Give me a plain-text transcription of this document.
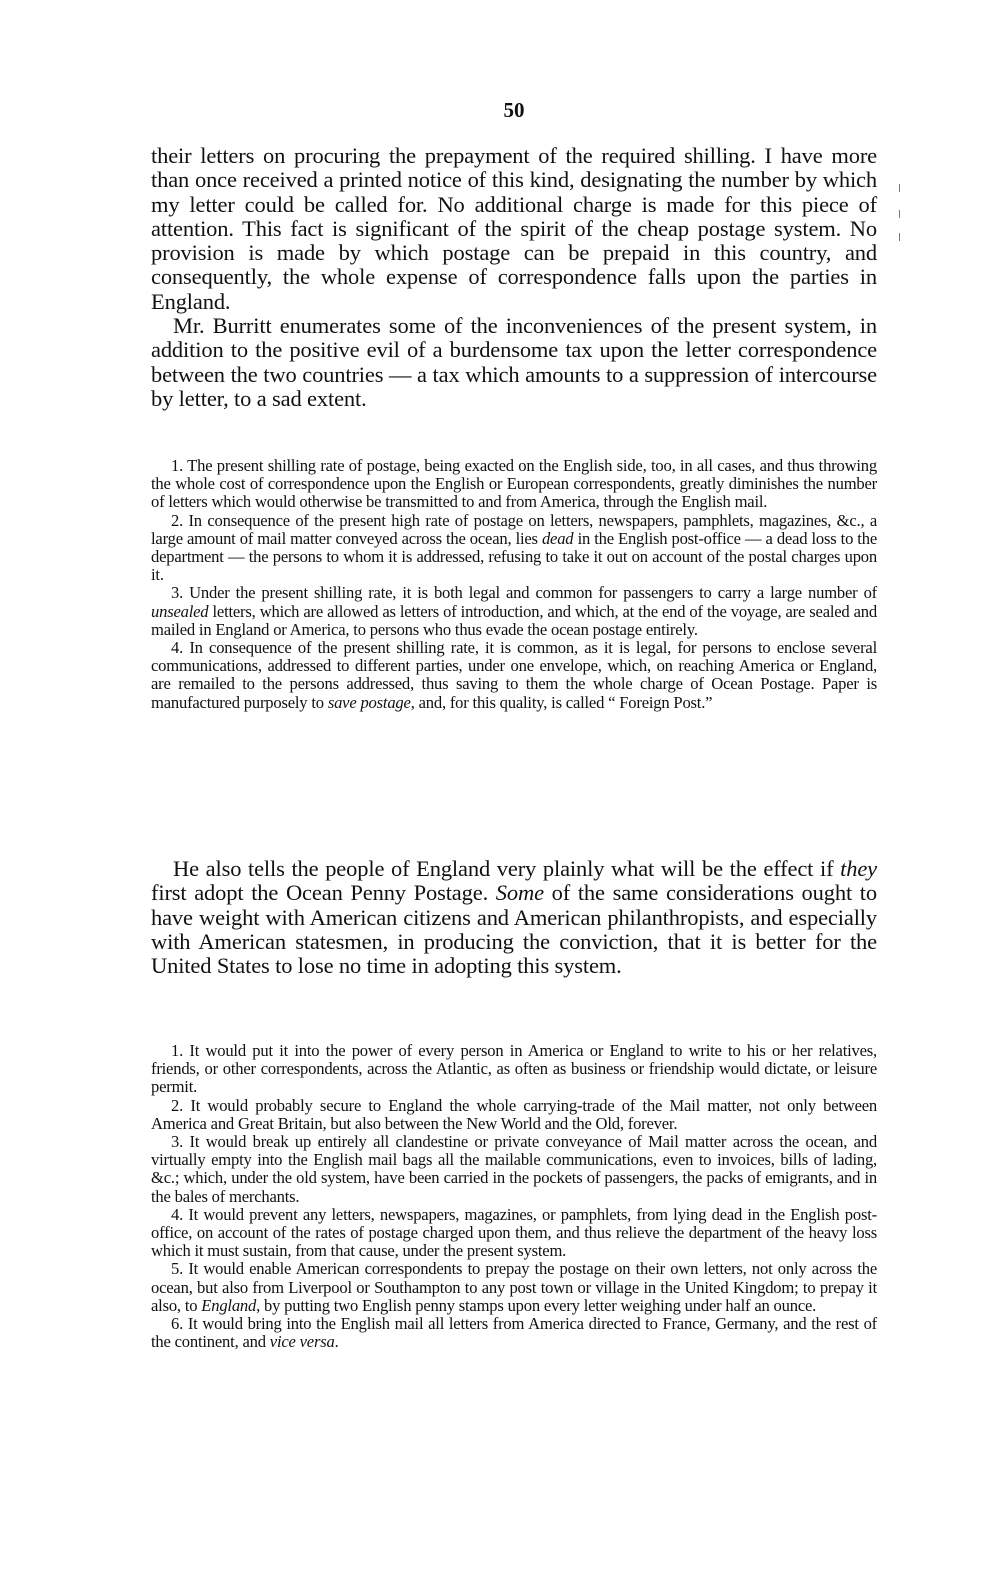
50

their letters on procuring the prepayment of the required shilling. I have more than once received a printed notice of this kind, designating the number by which my letter could be called for. No additional charge is made for this piece of attention. This fact is significant of the spirit of the cheap postage system. No provision is made by which postage can be prepaid in this country, and consequently, the whole expense of correspondence falls upon the parties in England.

Mr. Burritt enumerates some of the inconveniences of the present system, in addition to the positive evil of a burdensome tax upon the letter correspondence between the two countries — a tax which amounts to a suppression of intercourse by letter, to a sad extent.

1. The present shilling rate of postage, being exacted on the English side, too, in all cases, and thus throwing the whole cost of correspondence upon the English or European correspondents, greatly diminishes the number of letters which would otherwise be transmitted to and from America, through the English mail.

2. In consequence of the present high rate of postage on letters, newspapers, pamphlets, magazines, &c., a large amount of mail matter conveyed across the ocean, lies dead in the English post-office — a dead loss to the department — the persons to whom it is addressed, refusing to take it out on account of the postal charges upon it.

3. Under the present shilling rate, it is both legal and common for passengers to carry a large number of unsealed letters, which are allowed as letters of introduction, and which, at the end of the voyage, are sealed and mailed in England or America, to persons who thus evade the ocean postage entirely.

4. In consequence of the present shilling rate, it is common, as it is legal, for persons to enclose several communications, addressed to different parties, under one envelope, which, on reaching America or England, are remailed to the persons addressed, thus saving to them the whole charge of Ocean Postage. Paper is manufactured purposely to save postage, and, for this quality, is called “ Foreign Post.”

He also tells the people of England very plainly what will be the effect if they first adopt the Ocean Penny Postage. Some of the same considerations ought to have weight with American citizens and American philanthropists, and especially with American statesmen, in producing the conviction, that it is better for the United States to lose no time in adopting this system.

1. It would put it into the power of every person in America or England to write to his or her relatives, friends, or other correspondents, across the Atlantic, as often as business or friendship would dictate, or leisure permit.

2. It would probably secure to England the whole carrying-trade of the Mail matter, not only between America and Great Britain, but also between the New World and the Old, forever.

3. It would break up entirely all clandestine or private conveyance of Mail matter across the ocean, and virtually empty into the English mail bags all the mailable communications, even to invoices, bills of lading, &c.; which, under the old system, have been carried in the pockets of passengers, the packs of emigrants, and in the bales of merchants.

4. It would prevent any letters, newspapers, magazines, or pamphlets, from lying dead in the English post-office, on account of the rates of postage charged upon them, and thus relieve the department of the heavy loss which it must sustain, from that cause, under the present system.

5. It would enable American correspondents to prepay the postage on their own letters, not only across the ocean, but also from Liverpool or Southampton to any post town or village in the United Kingdom; to prepay it also, to England, by putting two English penny stamps upon every letter weighing under half an ounce.

6. It would bring into the English mail all letters from America directed to France, Germany, and the rest of the continent, and vice versa.
